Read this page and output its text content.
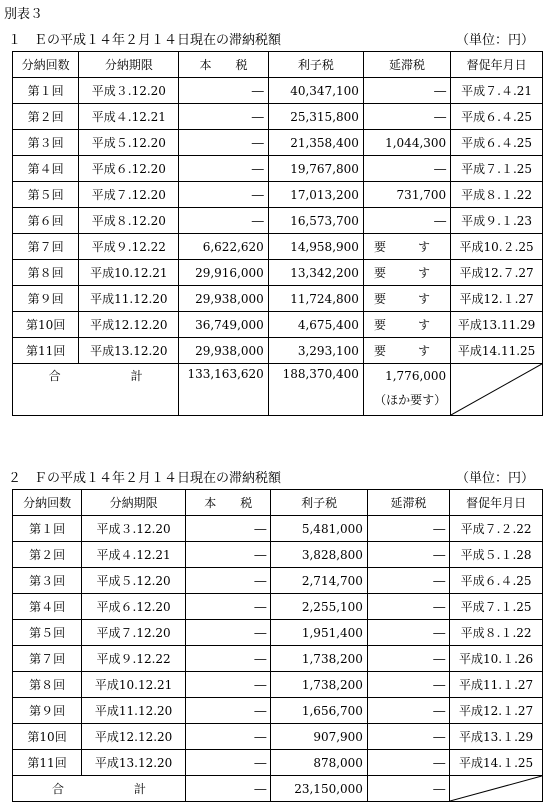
別表３
１　Ｅの平成１４年２月１４日現在の滞納税額	（単位：円）
分納回数	分納期限	本　　税	利子税	延滞税	督促年月日
第１回	平成３.12.20	―	40,347,100	―	平成７.４.21
第２回	平成４.12.21	―	25,315,800	―	平成６.４.25
第３回	平成５.12.20	―	21,358,400	1,044,300	平成６.４.25
第４回	平成６.12.20	―	19,767,800	―	平成７.１.25
第５回	平成７.12.20	―	17,013,200	731,700	平成８.１.22
第６回	平成８.12.20	―	16,573,700	―	平成９.１.23
第７回	平成９.12.22	6,622,620	14,958,900	要　す	平成10.２.25
第８回	平成10.12.21	29,916,000	13,342,200	要　す	平成12.７.27
第９回	平成11.12.20	29,938,000	11,724,800	要　す	平成12.１.27
第10回	平成12.12.20	36,749,000	4,675,400	要　す	平成13.11.29
第11回	平成13.12.20	29,938,000	3,293,100	要　す	平成14.11.25
合 計		133,163,620	188,370,400	1,776,000
（ほか要す）

２　Ｆの平成１４年２月１４日現在の滞納税額	（単位：円）
分納回数	分納期限	本　　税	利子税	延滞税	督促年月日
第１回	平成３.12.20	―	5,481,000	―	平成７.２.22
第２回	平成４.12.21	―	3,828,800	―	平成５.１.28
第３回	平成５.12.20	―	2,714,700	―	平成６.４.25
第４回	平成６.12.20	―	2,255,100	―	平成７.１.25
第５回	平成７.12.20	―	1,951,400	―	平成８.１.22
第７回	平成９.12.22	―	1,738,200	―	平成10.１.26
第８回	平成10.12.21	―	1,738,200	―	平成11.１.27
第９回	平成11.12.20	―	1,656,700	―	平成12.１.27
第10回	平成12.12.20	―	907,900	―	平成13.１.29
第11回	平成13.12.20	―	878,000	―	平成14.１.25
合 計		―	23,150,000	―	
